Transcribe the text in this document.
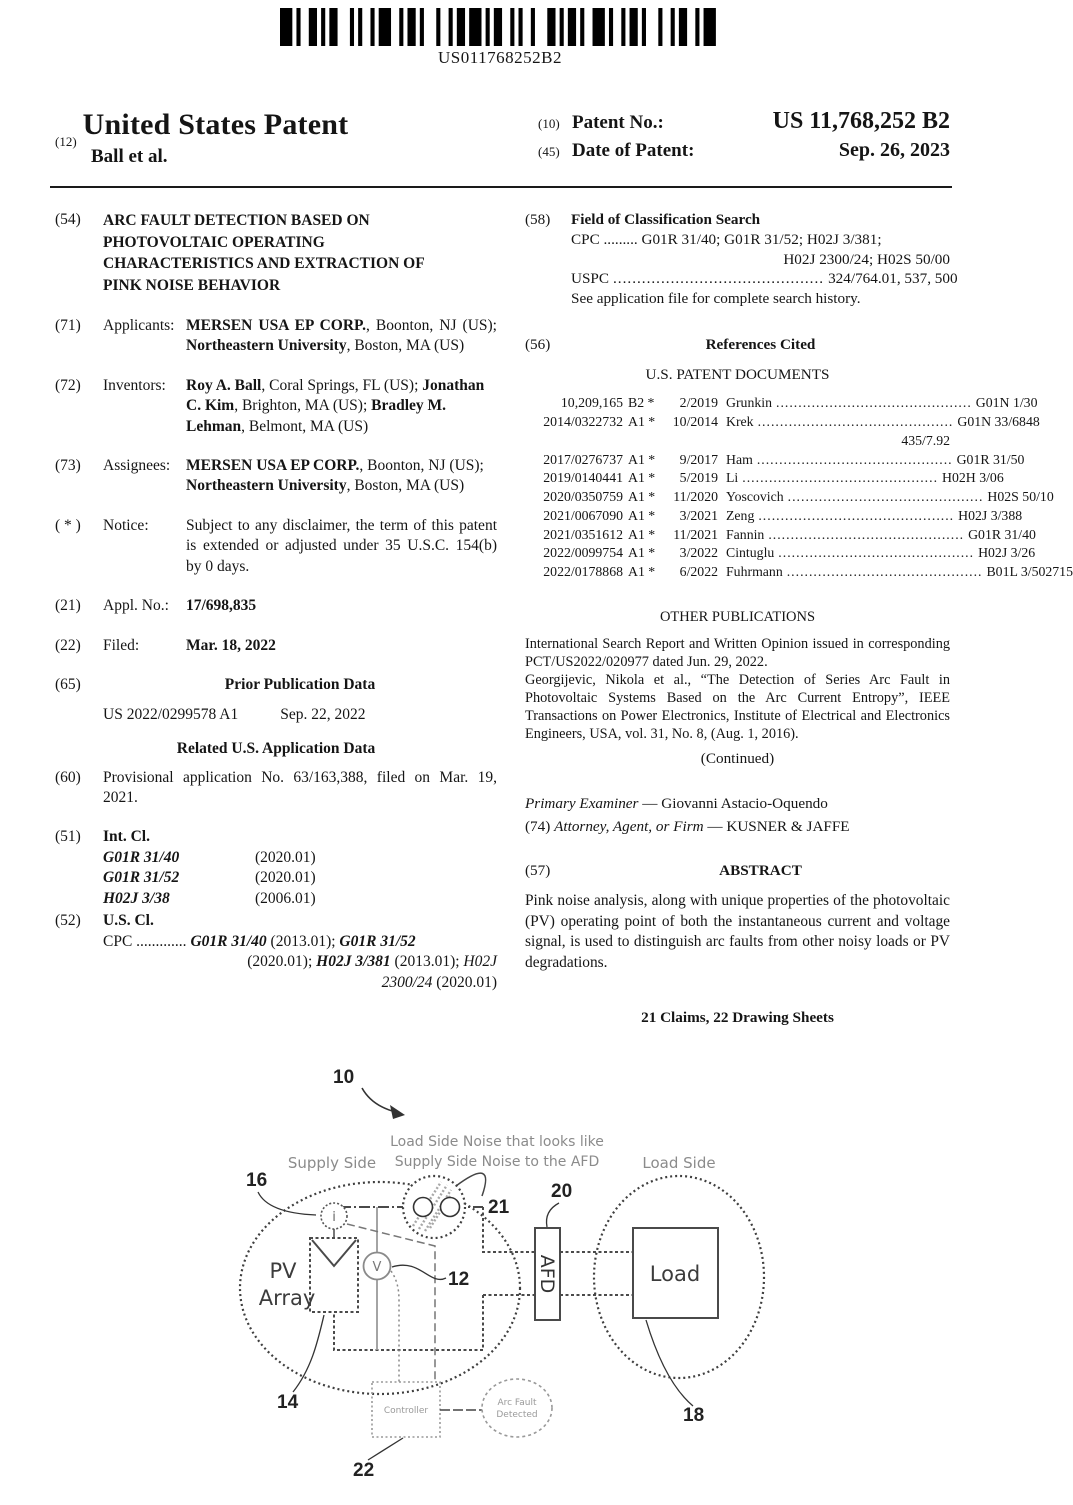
US011768252B2
$_{(12)}$United States Patent
Ball et al.
(10) Patent No.:	US 11,768,252 B2
(45) Date of Patent:	Sep. 26, 2023
(54)	ARC FAULT DETECTION BASED ON PHOTOVOLTAIC OPERATING CHARACTERISTICS AND EXTRACTION OF PINK NOISE BEHAVIOR
(71)	Applicants: MERSEN USA EP CORP., Boonton, NJ (US); Northeastern University, Boston, MA (US)
(72)	Inventors:	Roy A. Ball, Coral Springs, FL (US); Jonathan C. Kim, Brighton, MA (US); Bradley M. Lehman, Belmont, MA (US)
(73)	Assignees:	MERSEN USA EP CORP., Boonton, NJ (US); Northeastern University, Boston, MA (US)
( * )	Notice:	Subject to any disclaimer, the term of this patent is extended or adjusted under 35 U.S.C. 154(b) by 0 days.
(21)	Appl. No.:	17/698,835
(22)	Filed:	Mar. 18, 2022
(65)	Prior Publication Data
US 2022/0299578 A1	Sep. 22, 2022
Related U.S. Application Data
(60)	Provisional application No. 63/163,388, filed on Mar. 19, 2021.
(51)	Int. Cl.
G01R 31/40	(2020.01)
G01R 31/52	(2020.01)
H02J 3/38	(2006.01)
(52)	U.S. Cl.
CPC ............. G01R 31/40 (2013.01); G01R 31/52
(2020.01); H02J 3/381 (2013.01); H02J
2300/24 (2020.01)
(58)	Field of Classification Search
CPC ......... G01R 31/40; G01R 31/52; H02J 3/381;
H02J 2300/24; H02S 50/00
USPC ............................................ 324/764.01, 537, 500
See application file for complete search history.
(56)	References Cited
U.S. PATENT DOCUMENTS
10,209,165 B2 *	2/2019 Grunkin ............................................ G01N 1/30
2014/0322732 A1 *	10/2014 Krek ............................................ G01N 33/6848
435/7.92
2017/0276737 A1 *	9/2017 Ham ............................................ G01R 31/50
2019/0140441 A1 *	5/2019 Li ............................................ H02H 3/06
2020/0350759 A1 *	11/2020 Yoscovich ............................................ H02S 50/10
2021/0067090 A1 *	3/2021 Zeng ............................................ H02J 3/388
2021/0351612 A1 *	11/2021 Fannin ............................................ G01R 31/40
2022/0099754 A1 *	3/2022 Cintuglu ............................................ H02J 3/26
2022/0178868 A1 *	6/2022 Fuhrmann ............................................ B01L 3/502715
OTHER PUBLICATIONS
International Search Report and Written Opinion issued in corresponding PCT/US2022/020977 dated Jun. 29, 2022.
Georgijevic, Nikola et al., “The Detection of Series Arc Fault in Photovoltaic Systems Based on the Arc Current Entropy”, IEEE Transactions on Power Electronics, Institute of Electrical and Electronics Engineers, USA, vol. 31, No. 8, (Aug. 1, 2016).
(Continued)
Primary Examiner — Giovanni Astacio-Oquendo
(74) Attorney, Agent, or Firm — KUSNER & JAFFE
(57)	ABSTRACT
Pink noise analysis, along with unique properties of the photovoltaic (PV) operating point of both the instantaneous current and voltage signal, is used to distinguish arc faults from other noisy loads or PV degradations.
21 Claims, 22 Drawing Sheets
10
Load Side Noise that looks like
Supply Side Noise to the AFD
Supply Side	Load Side
i
PV
Array
V	AFD	Load
Controller
Arc Fault
Detected
16
21
20
12
14
18
22
